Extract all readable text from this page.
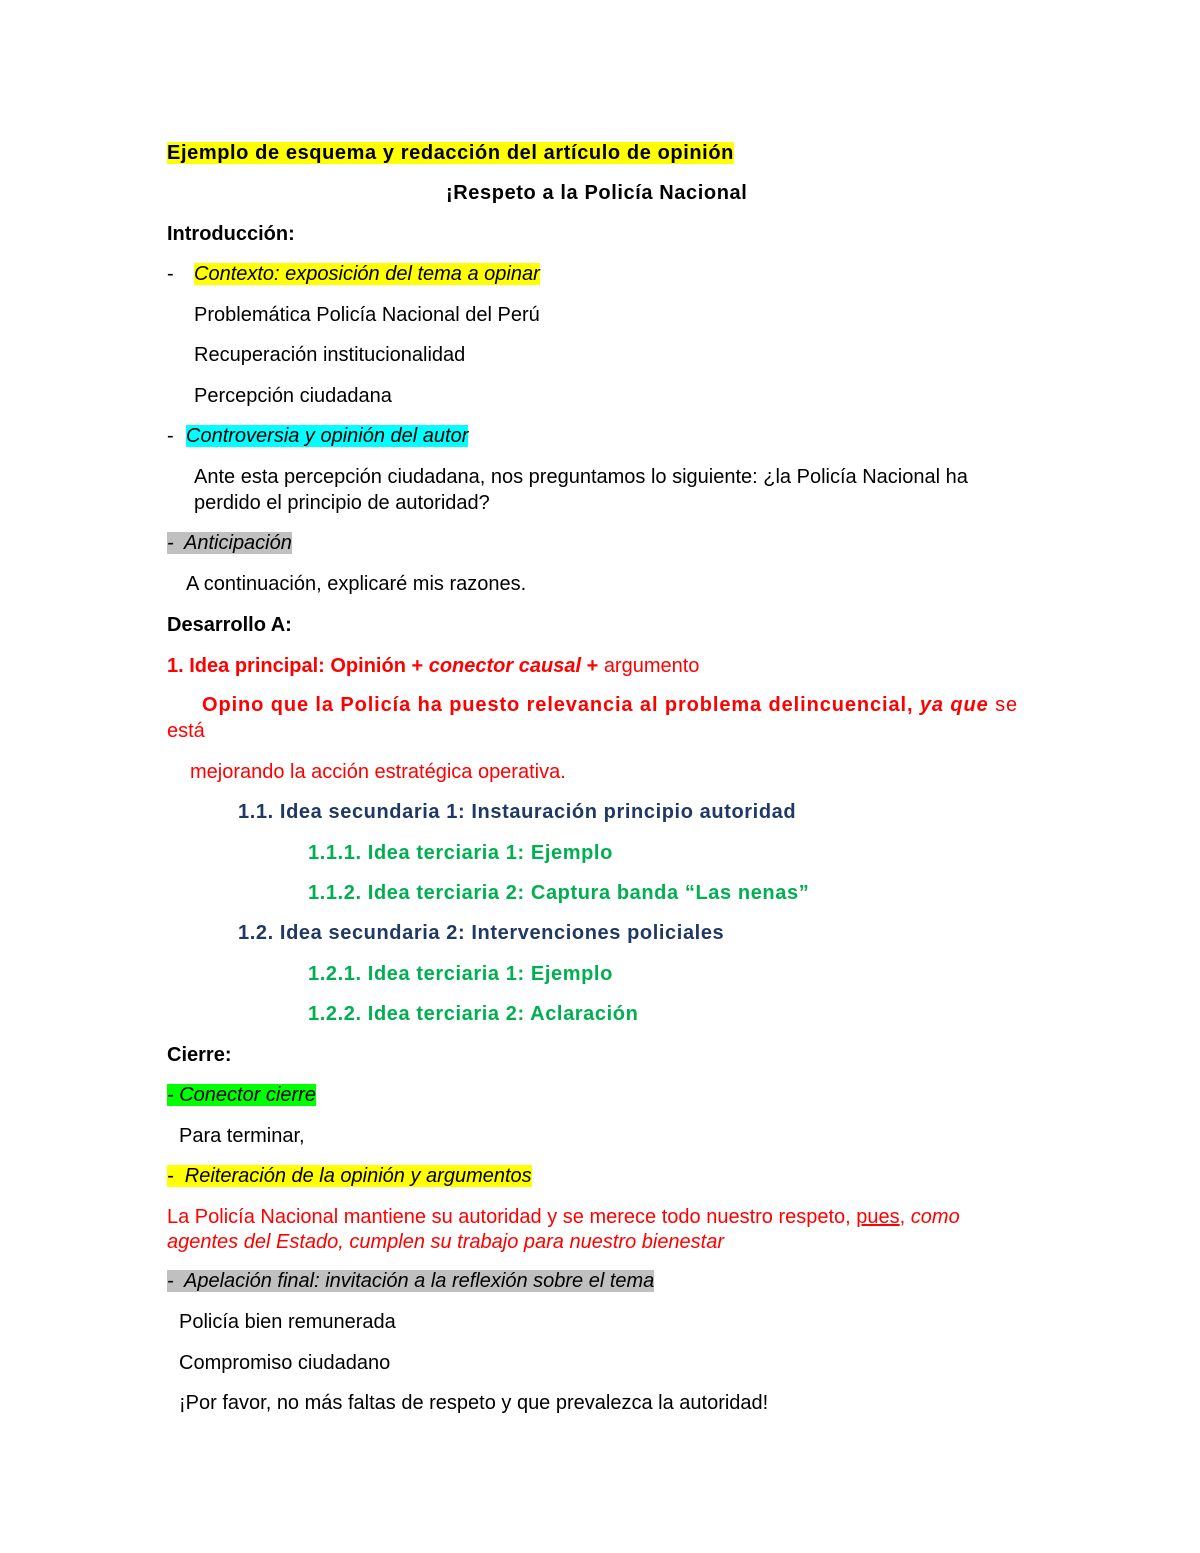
Ejemplo de esquema y redacción del artículo de opinión
¡Respeto a la Policía Nacional
Introducción:
- Contexto: exposición del tema a opinar
Problemática Policía Nacional del Perú
Recuperación institucionalidad
Percepción ciudadana
- Controversia y opinión del autor
Ante esta percepción ciudadana, nos preguntamos lo siguiente: ¿la Policía Nacional ha
perdido el principio de autoridad?
-  Anticipación
A continuación, explicaré mis razones.
Desarrollo A:
1. Idea principal: Opinión + conector causal + argumento
Opino que la Policía ha puesto relevancia al problema delincuencial, ya que se
está
mejorando la acción estratégica operativa.
1.1. Idea secundaria 1: Instauración principio autoridad
1.1.1. Idea terciaria 1: Ejemplo
1.1.2. Idea terciaria 2: Captura banda “Las nenas”
1.2. Idea secundaria 2: Intervenciones policiales
1.2.1. Idea terciaria 1: Ejemplo
1.2.2. Idea terciaria 2: Aclaración
Cierre:
- Conector cierre
Para terminar,
-  Reiteración de la opinión y argumentos
La Policía Nacional mantiene su autoridad y se merece todo nuestro respeto, pues, como
agentes del Estado, cumplen su trabajo para nuestro bienestar
-  Apelación final: invitación a la reflexión sobre el tema
Policía bien remunerada
Compromiso ciudadano
¡Por favor, no más faltas de respeto y que prevalezca la autoridad!
